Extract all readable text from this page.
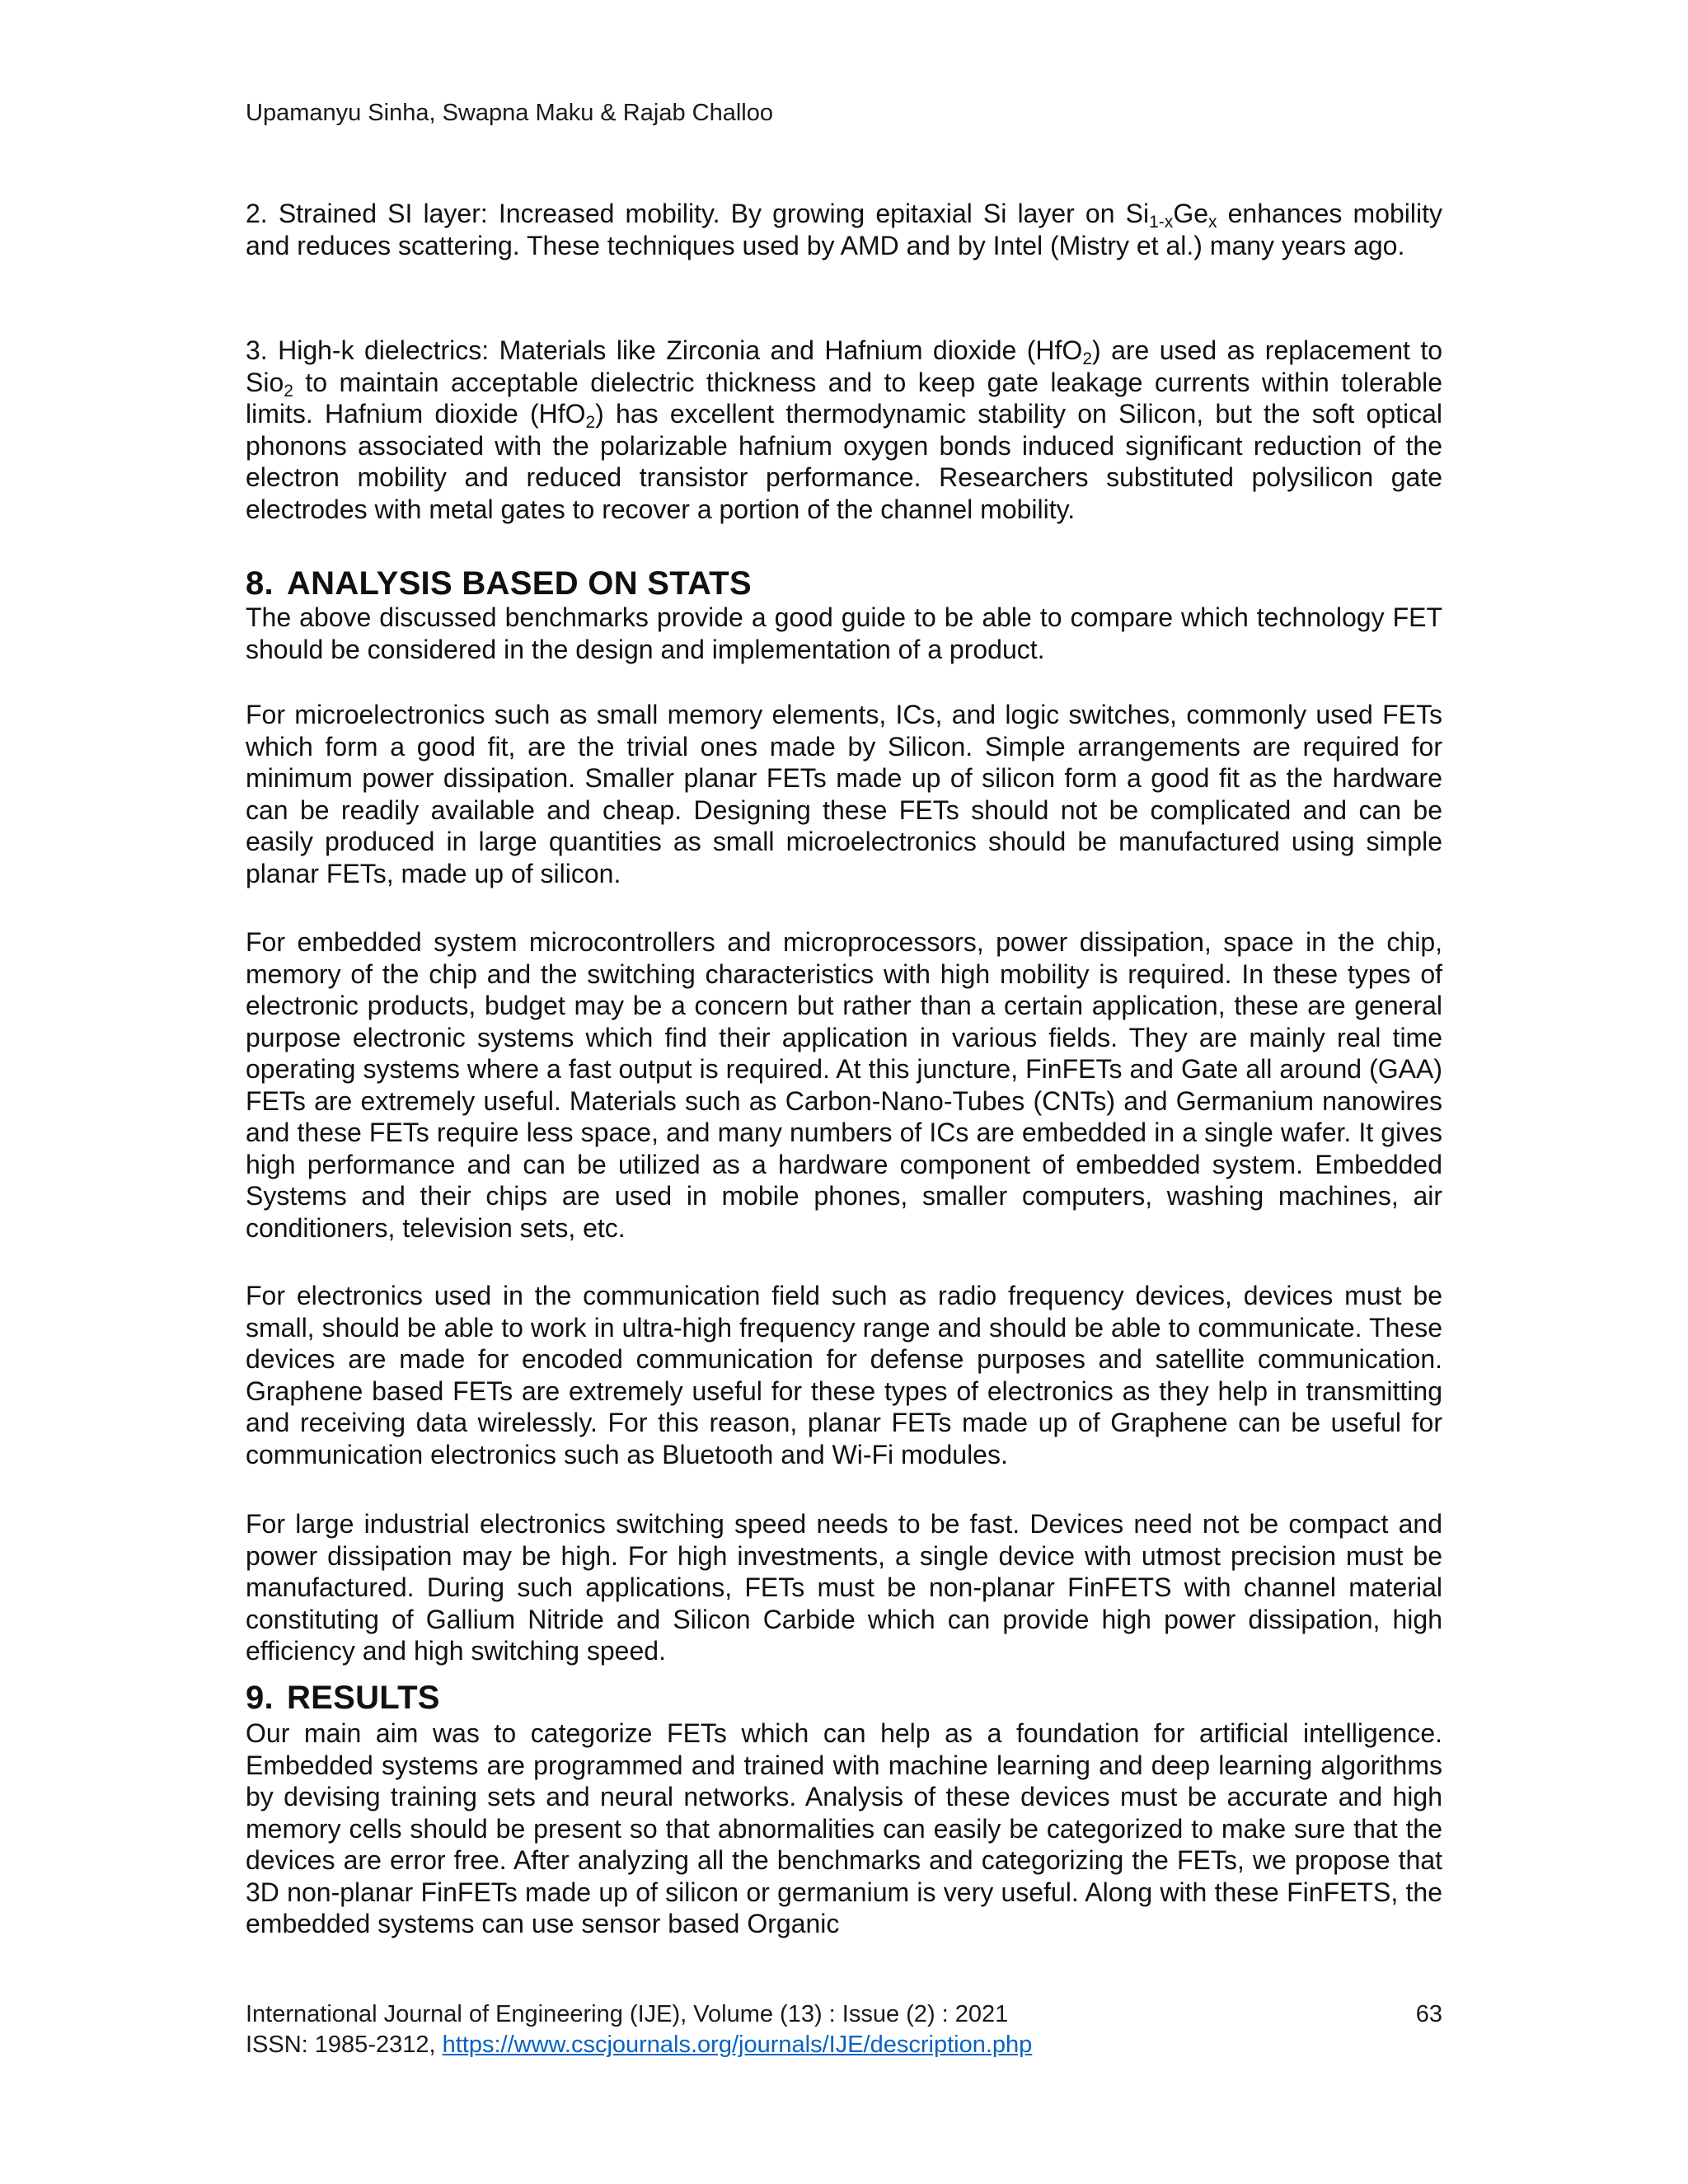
Upamanyu Sinha, Swapna Maku & Rajab Challoo

2. Strained SI layer: Increased mobility. By growing epitaxial Si layer on $Si_{1-x}Ge_x$ enhances mobility and reduces scattering. These techniques used by AMD and by Intel (Mistry et al.) many years ago.

3. High-k dielectrics: Materials like Zirconia and Hafnium dioxide (HfO$_2$) are used as replacement to Sio$_2$ to maintain acceptable dielectric thickness and to keep gate leakage currents within tolerable limits. Hafnium dioxide (HfO$_2$) has excellent thermodynamic stability on Silicon, but the soft optical phonons associated with the polarizable hafnium oxygen bonds induced significant reduction of the electron mobility and reduced transistor performance. Researchers substituted polysilicon gate electrodes with metal gates to recover a portion of the channel mobility.

8. ANALYSIS BASED ON STATS

The above discussed benchmarks provide a good guide to be able to compare which technology FET should be considered in the design and implementation of a product.

For microelectronics such as small memory elements, ICs, and logic switches, commonly used FETs which form a good fit, are the trivial ones made by Silicon. Simple arrangements are required for minimum power dissipation. Smaller planar FETs made up of silicon form a good fit as the hardware can be readily available and cheap. Designing these FETs should not be complicated and can be easily produced in large quantities as small microelectronics should be manufactured using simple planar FETs, made up of silicon.

For embedded system microcontrollers and microprocessors, power dissipation, space in the chip, memory of the chip and the switching characteristics with high mobility is required. In these types of electronic products, budget may be a concern but rather than a certain application, these are general purpose electronic systems which find their application in various fields. They are mainly real time operating systems where a fast output is required. At this juncture, FinFETs and Gate all around (GAA) FETs are extremely useful. Materials such as Carbon-Nano-Tubes (CNTs) and Germanium nanowires and these FETs require less space, and many numbers of ICs are embedded in a single wafer. It gives high performance and can be utilized as a hardware component of embedded system. Embedded Systems and their chips are used in mobile phones, smaller computers, washing machines, air conditioners, television sets, etc.

For electronics used in the communication field such as radio frequency devices, devices must be small, should be able to work in ultra-high frequency range and should be able to communicate. These devices are made for encoded communication for defense purposes and satellite communication. Graphene based FETs are extremely useful for these types of electronics as they help in transmitting and receiving data wirelessly. For this reason, planar FETs made up of Graphene can be useful for communication electronics such as Bluetooth and Wi-Fi modules.

For large industrial electronics switching speed needs to be fast. Devices need not be compact and power dissipation may be high. For high investments, a single device with utmost precision must be manufactured. During such applications, FETs must be non-planar FinFETS with channel material constituting of Gallium Nitride and Silicon Carbide which can provide high power dissipation, high efficiency and high switching speed.

9. RESULTS

Our main aim was to categorize FETs which can help as a foundation for artificial intelligence. Embedded systems are programmed and trained with machine learning and deep learning algorithms by devising training sets and neural networks. Analysis of these devices must be accurate and high memory cells should be present so that abnormalities can easily be categorized to make sure that the devices are error free. After analyzing all the benchmarks and categorizing the FETs, we propose that 3D non-planar FinFETs made up of silicon or germanium is very useful. Along with these FinFETS, the embedded systems can use sensor based Organic

International Journal of Engineering (IJE), Volume (13) : Issue (2) : 2021
ISSN: 1985-2312, https://www.cscjournals.org/journals/IJE/description.php
63
